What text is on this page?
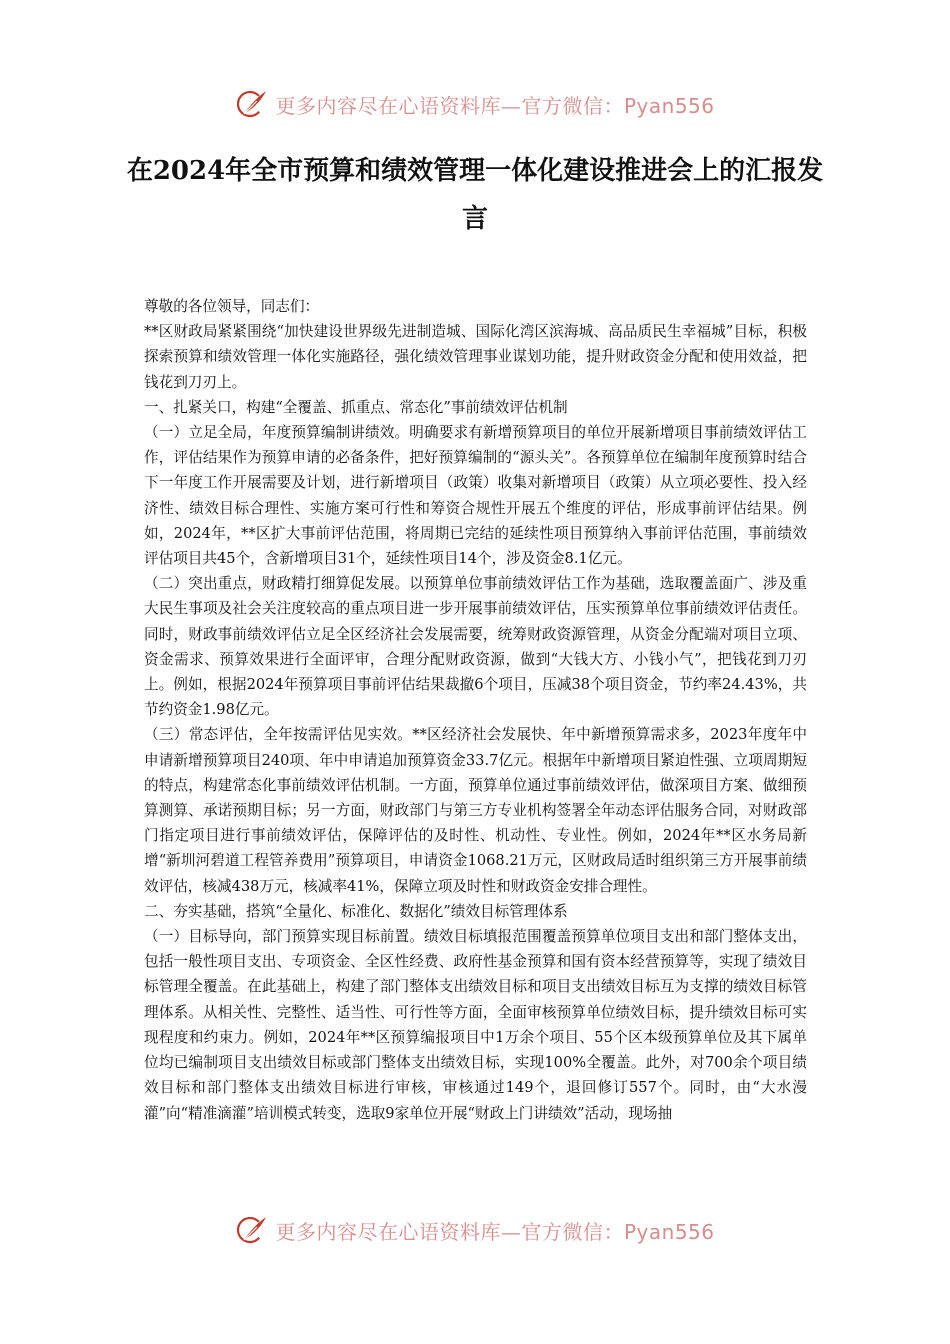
更多内容尽在心语资料库—官方微信：Pyan556
在2024年全市预算和绩效管理一体化建设推进会上的汇报发言

尊敬的各位领导，同志们：

**区财政局紧紧围绕“加快建设世界级先进制造城、国际化湾区滨海城、高品质民生幸福城”目标，积极探索预算和绩效管理一体化实施路径，强化绩效管理事业谋划功能，提升财政资金分配和使用效益，把钱花到刀刃上。

一、扎紧关口，构建“全覆盖、抓重点、常态化”事前绩效评估机制

（一）立足全局，年度预算编制讲绩效。明确要求有新增预算项目的单位开展新增项目事前绩效评估工作，评估结果作为预算申请的必备条件，把好预算编制的“源头关”。各预算单位在编制年度预算时结合下一年度工作开展需要及计划，进行新增项目（政策）收集对新增项目（政策）从立项必要性、投入经济性、绩效目标合理性、实施方案可行性和筹资合规性开展五个维度的评估，形成事前评估结果。例如，2024年，**区扩大事前评估范围，将周期已完结的延续性项目预算纳入事前评估范围，事前绩效评估项目共45个，含新增项目31个，延续性项目14个，涉及资金8.1亿元。

（二）突出重点，财政精打细算促发展。以预算单位事前绩效评估工作为基础，选取覆盖面广、涉及重大民生事项及社会关注度较高的重点项目进一步开展事前绩效评估，压实预算单位事前绩效评估责任。同时，财政事前绩效评估立足全区经济社会发展需要，统筹财政资源管理，从资金分配端对项目立项、资金需求、预算效果进行全面评审，合理分配财政资源，做到“大钱大方、小钱小气”，把钱花到刀刃上。例如，根据2024年预算项目事前评估结果裁撤6个项目，压减38个项目资金，节约率24.43%，共节约资金1.98亿元。

（三）常态评估，全年按需评估见实效。**区经济社会发展快、年中新增预算需求多，2023年度年中申请新增预算项目240项、年中申请追加预算资金33.7亿元。根据年中新增项目紧迫性强、立项周期短的特点，构建常态化事前绩效评估机制。一方面，预算单位通过事前绩效评估，做深项目方案、做细预算测算、承诺预期目标；另一方面，财政部门与第三方专业机构签署全年动态评估服务合同，对财政部门指定项目进行事前绩效评估，保障评估的及时性、机动性、专业性。例如，2024年**区水务局新增“新圳河碧道工程管养费用”预算项目，申请资金1068.21万元，区财政局适时组织第三方开展事前绩效评估，核减438万元，核减率41%，保障立项及时性和财政资金安排合理性。

二、夯实基础，搭筑“全量化、标准化、数据化”绩效目标管理体系

（一）目标导向，部门预算实现目标前置。绩效目标填报范围覆盖预算单位项目支出和部门整体支出，包括一般性项目支出、专项资金、全区性经费、政府性基金预算和国有资本经营预算等，实现了绩效目标管理全覆盖。在此基础上，构建了部门整体支出绩效目标和项目支出绩效目标互为支撑的绩效目标管理体系。从相关性、完整性、适当性、可行性等方面，全面审核预算单位绩效目标，提升绩效目标可实现程度和约束力。例如，2024年**区预算编报项目中1万余个项目、55个区本级预算单位及其下属单位均已编制项目支出绩效目标或部门整体支出绩效目标，实现100%全覆盖。此外，对700余个项目绩效目标和部门整体支出绩效目标进行审核，审核通过149个，退回修订557个。同时，由“大水漫灌”向“精准滴灌”培训模式转变，选取9家单位开展“财政上门讲绩效”活动，现场抽

更多内容尽在心语资料库—官方微信：Pyan556
